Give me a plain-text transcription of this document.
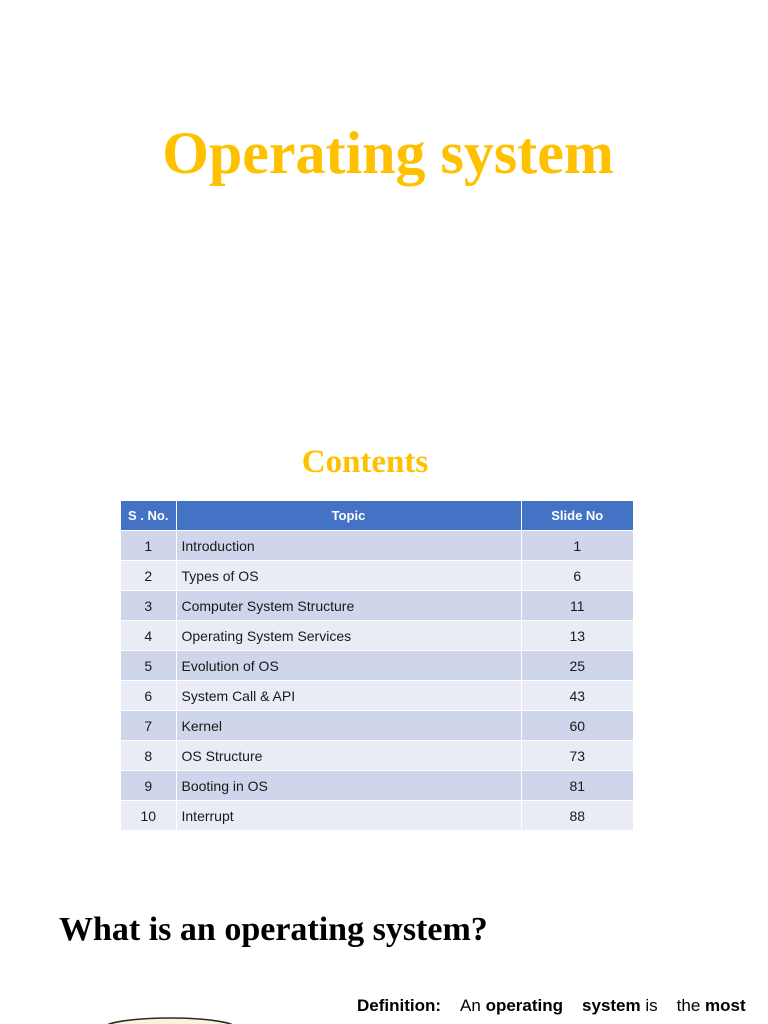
Operating system
Contents
S . No.	Topic	Slide No
1	Introduction	1
2	Types of OS	6
3	Computer System Structure	11
4	Operating System Services	13
5	Evolution of OS	25
6	System Call & API	43
7	Kernel	60
8	OS Structure	73
9	Booting in OS	81
10	Interrupt	88
What is an operating system?
Definition: An operating system is the most
